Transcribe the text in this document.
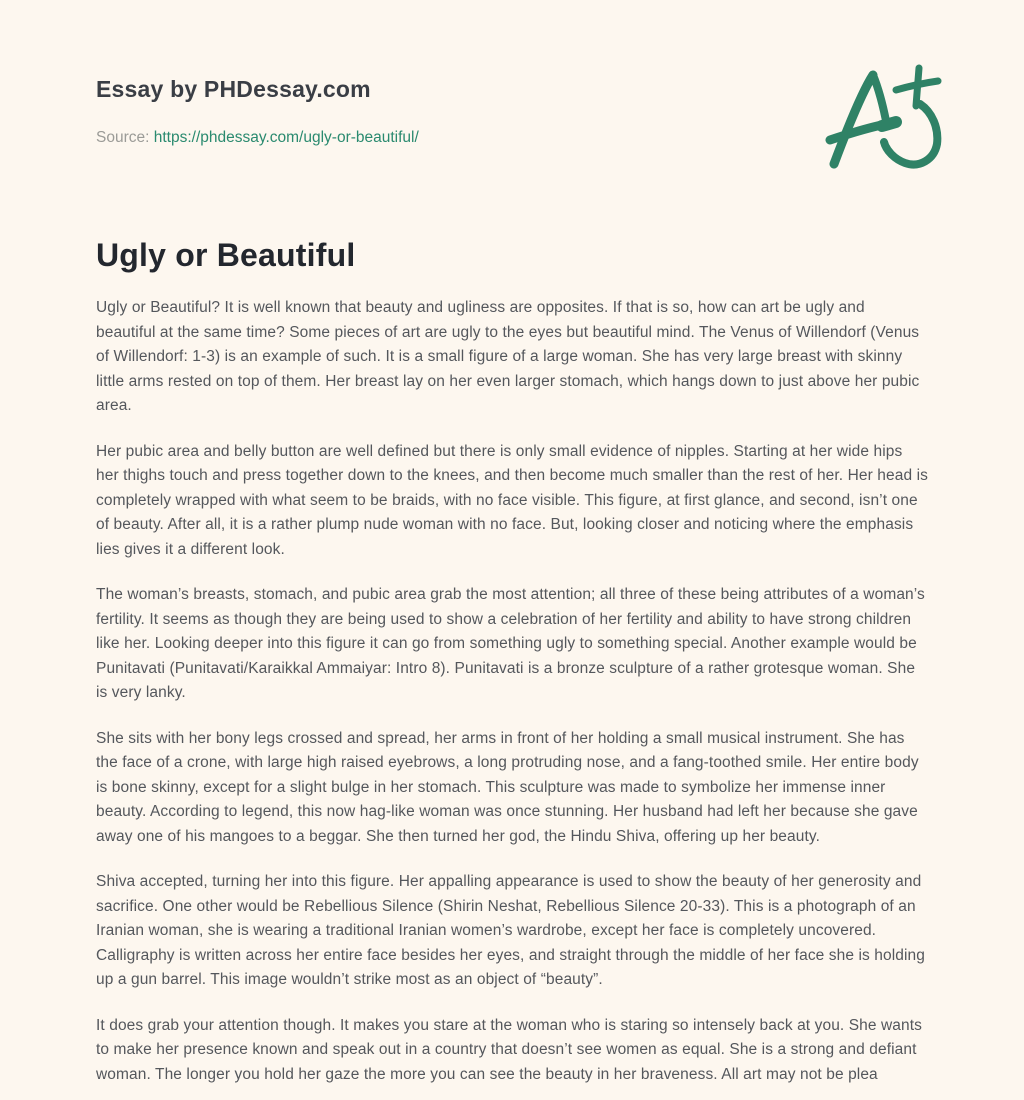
Essay by PHDessay.com

Source: https://phdessay.com/ugly-or-beautiful/

Ugly or Beautiful

Ugly or Beautiful? It is well known that beauty and ugliness are opposites. If that is so, how can art be ugly and beautiful at the same time? Some pieces of art are ugly to the eyes but beautiful mind. The Venus of Willendorf (Venus of Willendorf: 1-3) is an example of such. It is a small figure of a large woman. She has very large breast with skinny little arms rested on top of them. Her breast lay on her even larger stomach, which hangs down to just above her pubic area.

Her pubic area and belly button are well defined but there is only small evidence of nipples. Starting at her wide hips her thighs touch and press together down to the knees, and then become much smaller than the rest of her. Her head is completely wrapped with what seem to be braids, with no face visible. This figure, at first glance, and second, isn’t one of beauty. After all, it is a rather plump nude woman with no face. But, looking closer and noticing where the emphasis lies gives it a different look.

The woman’s breasts, stomach, and pubic area grab the most attention; all three of these being attributes of a woman’s fertility. It seems as though they are being used to show a celebration of her fertility and ability to have strong children like her. Looking deeper into this figure it can go from something ugly to something special. Another example would be Punitavati (Punitavati/Karaikkal Ammaiyar: Intro 8). Punitavati is a bronze sculpture of a rather grotesque woman. She is very lanky.

She sits with her bony legs crossed and spread, her arms in front of her holding a small musical instrument. She has the face of a crone, with large high raised eyebrows, a long protruding nose, and a fang-toothed smile. Her entire body is bone skinny, except for a slight bulge in her stomach. This sculpture was made to symbolize her immense inner beauty. According to legend, this now hag-like woman was once stunning. Her husband had left her because she gave away one of his mangoes to a beggar. She then turned her god, the Hindu Shiva, offering up her beauty.

Shiva accepted, turning her into this figure. Her appalling appearance is used to show the beauty of her generosity and sacrifice. One other would be Rebellious Silence (Shirin Neshat, Rebellious Silence 20-33). This is a photograph of an Iranian woman, she is wearing a traditional Iranian women’s wardrobe, except her face is completely uncovered. Calligraphy is written across her entire face besides her eyes, and straight through the middle of her face she is holding up a gun barrel. This image wouldn’t strike most as an object of “beauty”.

It does grab your attention though. It makes you stare at the woman who is staring so intensely back at you. She wants to make her presence known and speak out in a country that doesn’t see women as equal. She is a strong and defiant woman. The longer you hold her gaze the more you can see the beauty in her braveness. All art may not be plea
